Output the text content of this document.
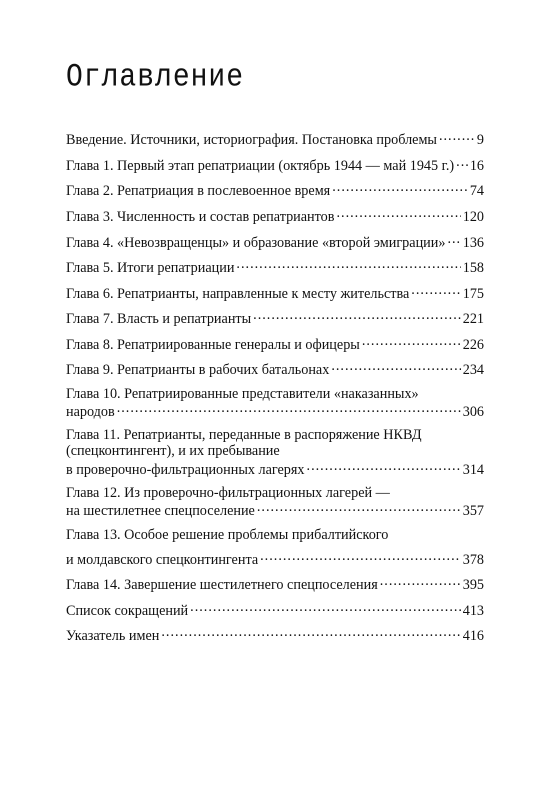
Оглавление
Введение. Источники, историография. Постановка проблемы .....	9
Глава 1. Первый этап репатриации (октябрь 1944 — май 1945 г.) ..... 16
Глава 2. Репатриация в послевоенное время .....	74
Глава 3. Численность и состав репатриантов .....	120
Глава 4. «Невозвращенцы» и образование «второй эмиграции» ..... 136
Глава 5. Итоги репатриации .....	158
Глава 6. Репатрианты, направленные к месту жительства .....	175
Глава 7. Власть и репатрианты .....	221
Глава 8. Репатриированные генералы и офицеры .....	226
Глава 9. Репатрианты в рабочих батальонах .....	234
Глава 10. Репатриированные представители «наказанных»
народов .....	306
Глава 11. Репатрианты, переданные в распоряжение НКВД
(спецконтингент), и их пребывание
в проверочно-фильтрационных лагерях .....	314
Глава 12. Из проверочно-фильтрационных лагерей —
на шестилетнее спецпоселение .....	357
Глава 13. Особое решение проблемы прибалтийского
и молдавского спецконтингента .....	378
Глава 14. Завершение шестилетнего спецпоселения .....	395
Список сокращений .....	413
Указатель имен .....	416
